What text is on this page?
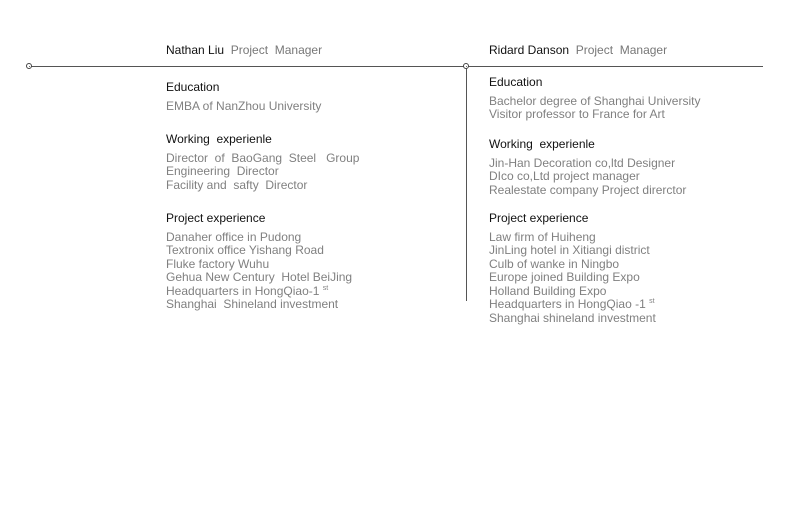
Nathan Liu Project  Manager
Education
EMBA of NanZhou University
Working  experienle
Director  of  BaoGang  Steel   Group
Engineering  Director
Facility and  safty  Director
Project experience
Danaher office in Pudong
Textronix office Yishang Road
Fluke factory Wuhu
Gehua New Century  Hotel BeiJing
Headquarters in HongQiao-1 $^{st}$
Shanghai  Shineland investment
Ridard Danson Project  Manager
Education
Bachelor degree of Shanghai University
Visitor professor to France for Art
Working  experienle
Jin-Han Decoration co,ltd Designer
DIco co,Ltd project manager
Realestate company Project direrctor
Project experience
Law firm of Huiheng
JinLing hotel in Xitiangi district
Culb of wanke in Ningbo
Europe joined Building Expo
Holland Building Expo
Headquarters in HongQiao -1 $^{st}$
Shanghai shineland investment
